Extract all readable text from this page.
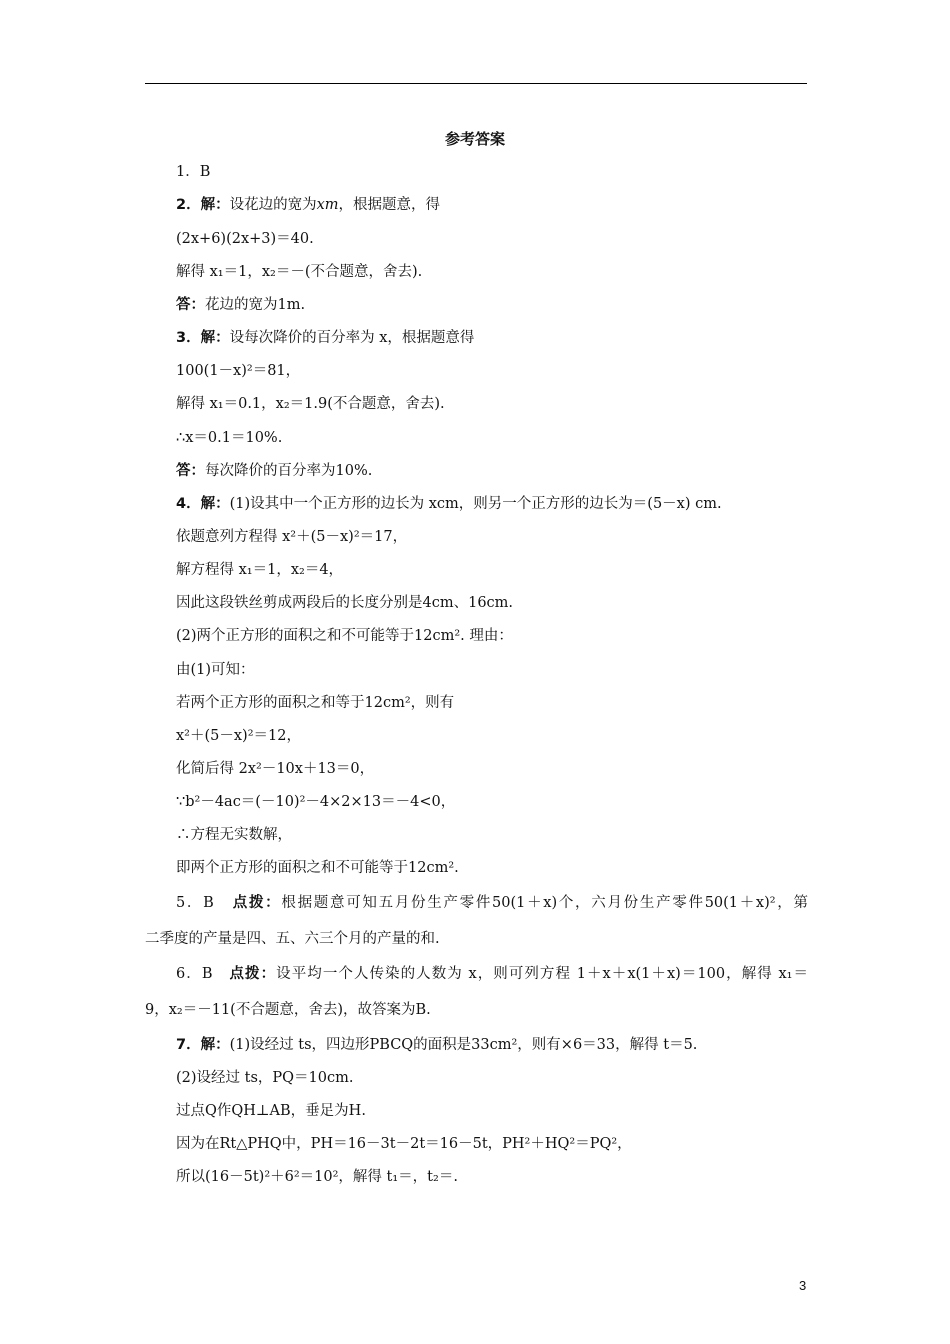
参考答案
1．B
2．解：设花边的宽为xm，根据题意，得
(2x+6)(2x+3)＝40.
解得 x₁＝1，x₂＝－(不合题意，舍去).
答：花边的宽为1m.
3．解：设每次降价的百分率为 x，根据题意得
100(1－x)²＝81，
解得 x₁＝0.1，x₂＝1.9(不合题意，舍去).
∴x＝0.1＝10%.
答：每次降价的百分率为10%.
4．解：(1)设其中一个正方形的边长为 xcm，则另一个正方形的边长为＝(5－x) cm.
依题意列方程得 x²＋(5－x)²＝17，
解方程得 x₁＝1，x₂＝4，
因此这段铁丝剪成两段后的长度分别是4cm、16cm.
(2)两个正方形的面积之和不可能等于12cm². 理由：
由(1)可知：
若两个正方形的面积之和等于12cm²，则有
x²＋(5－x)²＝12，
化简后得 2x²－10x＋13＝0，
∵b²－4ac＝(－10)²－4×2×13＝－4<0，
∴方程无实数解，
即两个正方形的面积之和不可能等于12cm².
5．B 点拨：根据题意可知五月份生产零件50(1＋x)个，六月份生产零件50(1＋x)²，第
二季度的产量是四、五、六三个月的产量的和.
6．B 点拨：设平均一个人传染的人数为 x，则可列方程 1＋x＋x(1＋x)＝100，解得 x₁＝
9，x₂＝－11(不合题意，舍去)，故答案为B.
7．解：(1)设经过 ts，四边形PBCQ的面积是33cm²，则有×6＝33，解得 t＝5.
(2)设经过 ts，PQ＝10cm.
过点Q作QH⊥AB，垂足为H.
因为在Rt△PHQ中，PH＝16－3t－2t＝16－5t，PH²＋HQ²＝PQ²，
所以(16－5t)²＋6²＝10²，解得 t₁＝，t₂＝.
3
